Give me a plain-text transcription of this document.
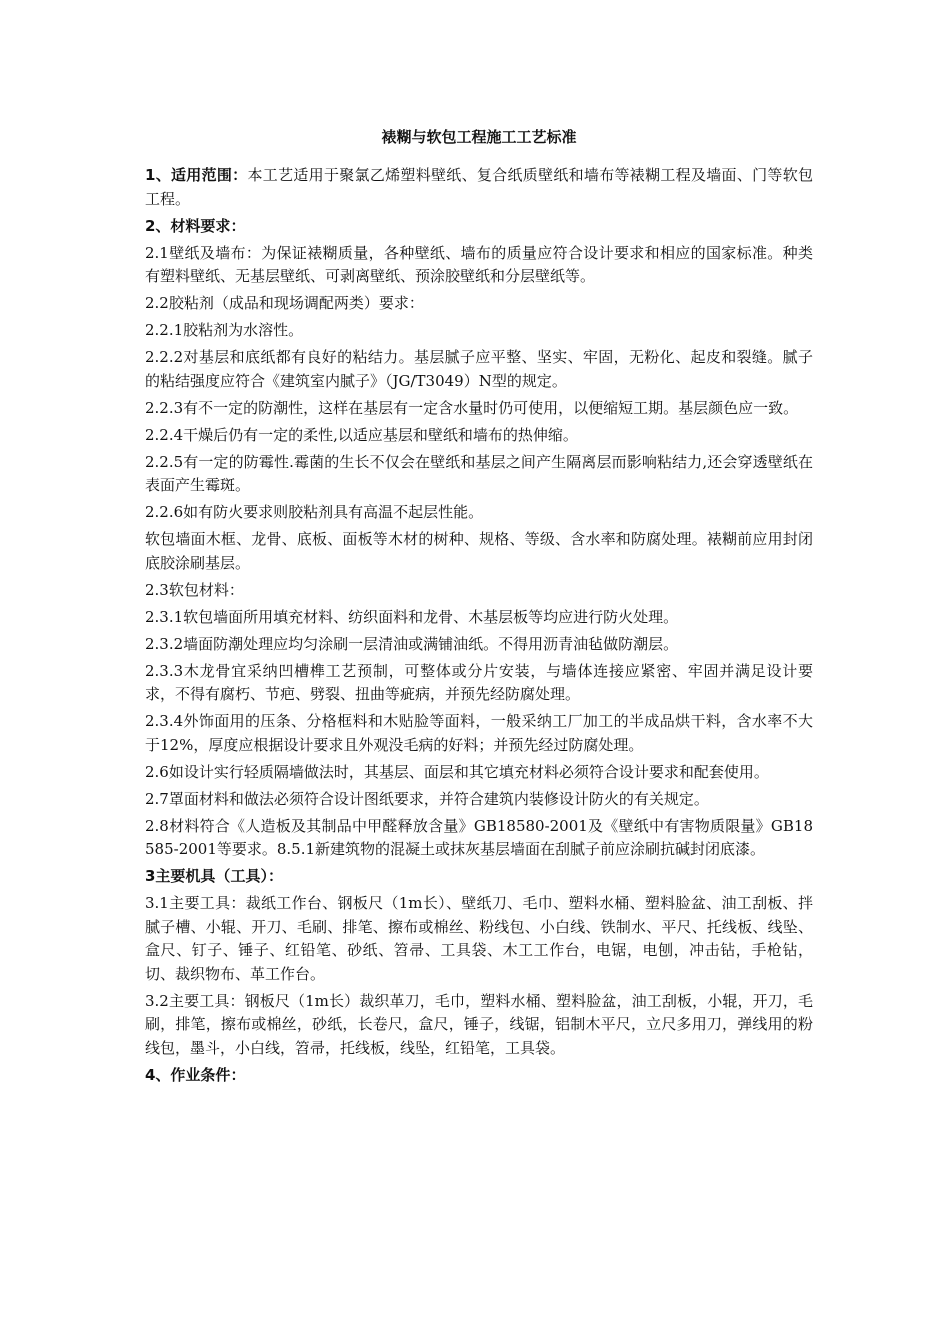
裱糊与软包工程施工工艺标准
1、适用范围：本工艺适用于聚氯乙烯塑料壁纸、复合纸质壁纸和墙布等裱糊工程及墙面、门等软包工程。
2、材料要求：
2.1壁纸及墙布：为保证裱糊质量，各种壁纸、墙布的质量应符合设计要求和相应的国家标准。种类有塑料壁纸、无基层壁纸、可剥离壁纸、预涂胶壁纸和分层壁纸等。
2.2胶粘剂（成品和现场调配两类）要求：
2.2.1胶粘剂为水溶性。
2.2.2对基层和底纸都有良好的粘结力。基层腻子应平整、坚实、牢固，无粉化、起皮和裂缝。腻子的粘结强度应符合《建筑室内腻子》（JG/T3049）N型的规定。
2.2.3有不一定的防潮性，这样在基层有一定含水量时仍可使用，以便缩短工期。基层颜色应一致。
2.2.4干燥后仍有一定的柔性,以适应基层和壁纸和墙布的热伸缩。
2.2.5有一定的防霉性.霉菌的生长不仅会在壁纸和基层之间产生隔离层而影响粘结力,还会穿透壁纸在表面产生霉斑。
2.2.6如有防火要求则胶粘剂具有高温不起层性能。
软包墙面木框、龙骨、底板、面板等木材的树种、规格、等级、含水率和防腐处理。裱糊前应用封闭底胶涂刷基层。
2.3软包材料：
2.3.1软包墙面所用填充材料、纺织面料和龙骨、木基层板等均应进行防火处理。
2.3.2墙面防潮处理应均匀涂刷一层清油或满铺油纸。不得用沥青油毡做防潮层。
2.3.3木龙骨宜采纳凹槽榫工艺预制，可整体或分片安装，与墙体连接应紧密、牢固并满足设计要求，不得有腐朽、节疤、劈裂、扭曲等疵病，并预先经防腐处理。
2.3.4外饰面用的压条、分格框料和木贴脸等面料，一般采纳工厂加工的半成品烘干料，含水率不大于12%，厚度应根据设计要求且外观没毛病的好料；并预先经过防腐处理。
2.6如设计实行轻质隔墙做法时，其基层、面层和其它填充材料必须符合设计要求和配套使用。
2.7罩面材料和做法必须符合设计图纸要求，并符合建筑内装修设计防火的有关规定。
2.8材料符合《人造板及其制品中甲醛释放含量》GB18580-2001及《壁纸中有害物质限量》GB18585-2001等要求。8.5.1新建筑物的混凝土或抹灰基层墙面在刮腻子前应涂刷抗碱封闭底漆。
3主要机具（工具）：
3.1主要工具：裁纸工作台、钢板尺（1m长）、壁纸刀、毛巾、塑料水桶、塑料脸盆、油工刮板、拌腻子槽、小辊、开刀、毛刷、排笔、擦布或棉丝、粉线包、小白线、铁制水、平尺、托线板、线坠、盒尺、钉子、锤子、红铅笔、砂纸、笤帚、工具袋、木工工作台，电锯，电刨，冲击钻，手枪钻，切、裁织物布、革工作台。
3.2主要工具：钢板尺（1m长）裁织革刀，毛巾，塑料水桶、塑料脸盆，油工刮板，小辊，开刀，毛刷，排笔，擦布或棉丝，砂纸，长卷尺，盒尺，锤子，线锯，铝制木平尺，立尺多用刀，弹线用的粉线包，墨斗，小白线，笤帚，托线板，线坠，红铅笔，工具袋。
4、作业条件：
